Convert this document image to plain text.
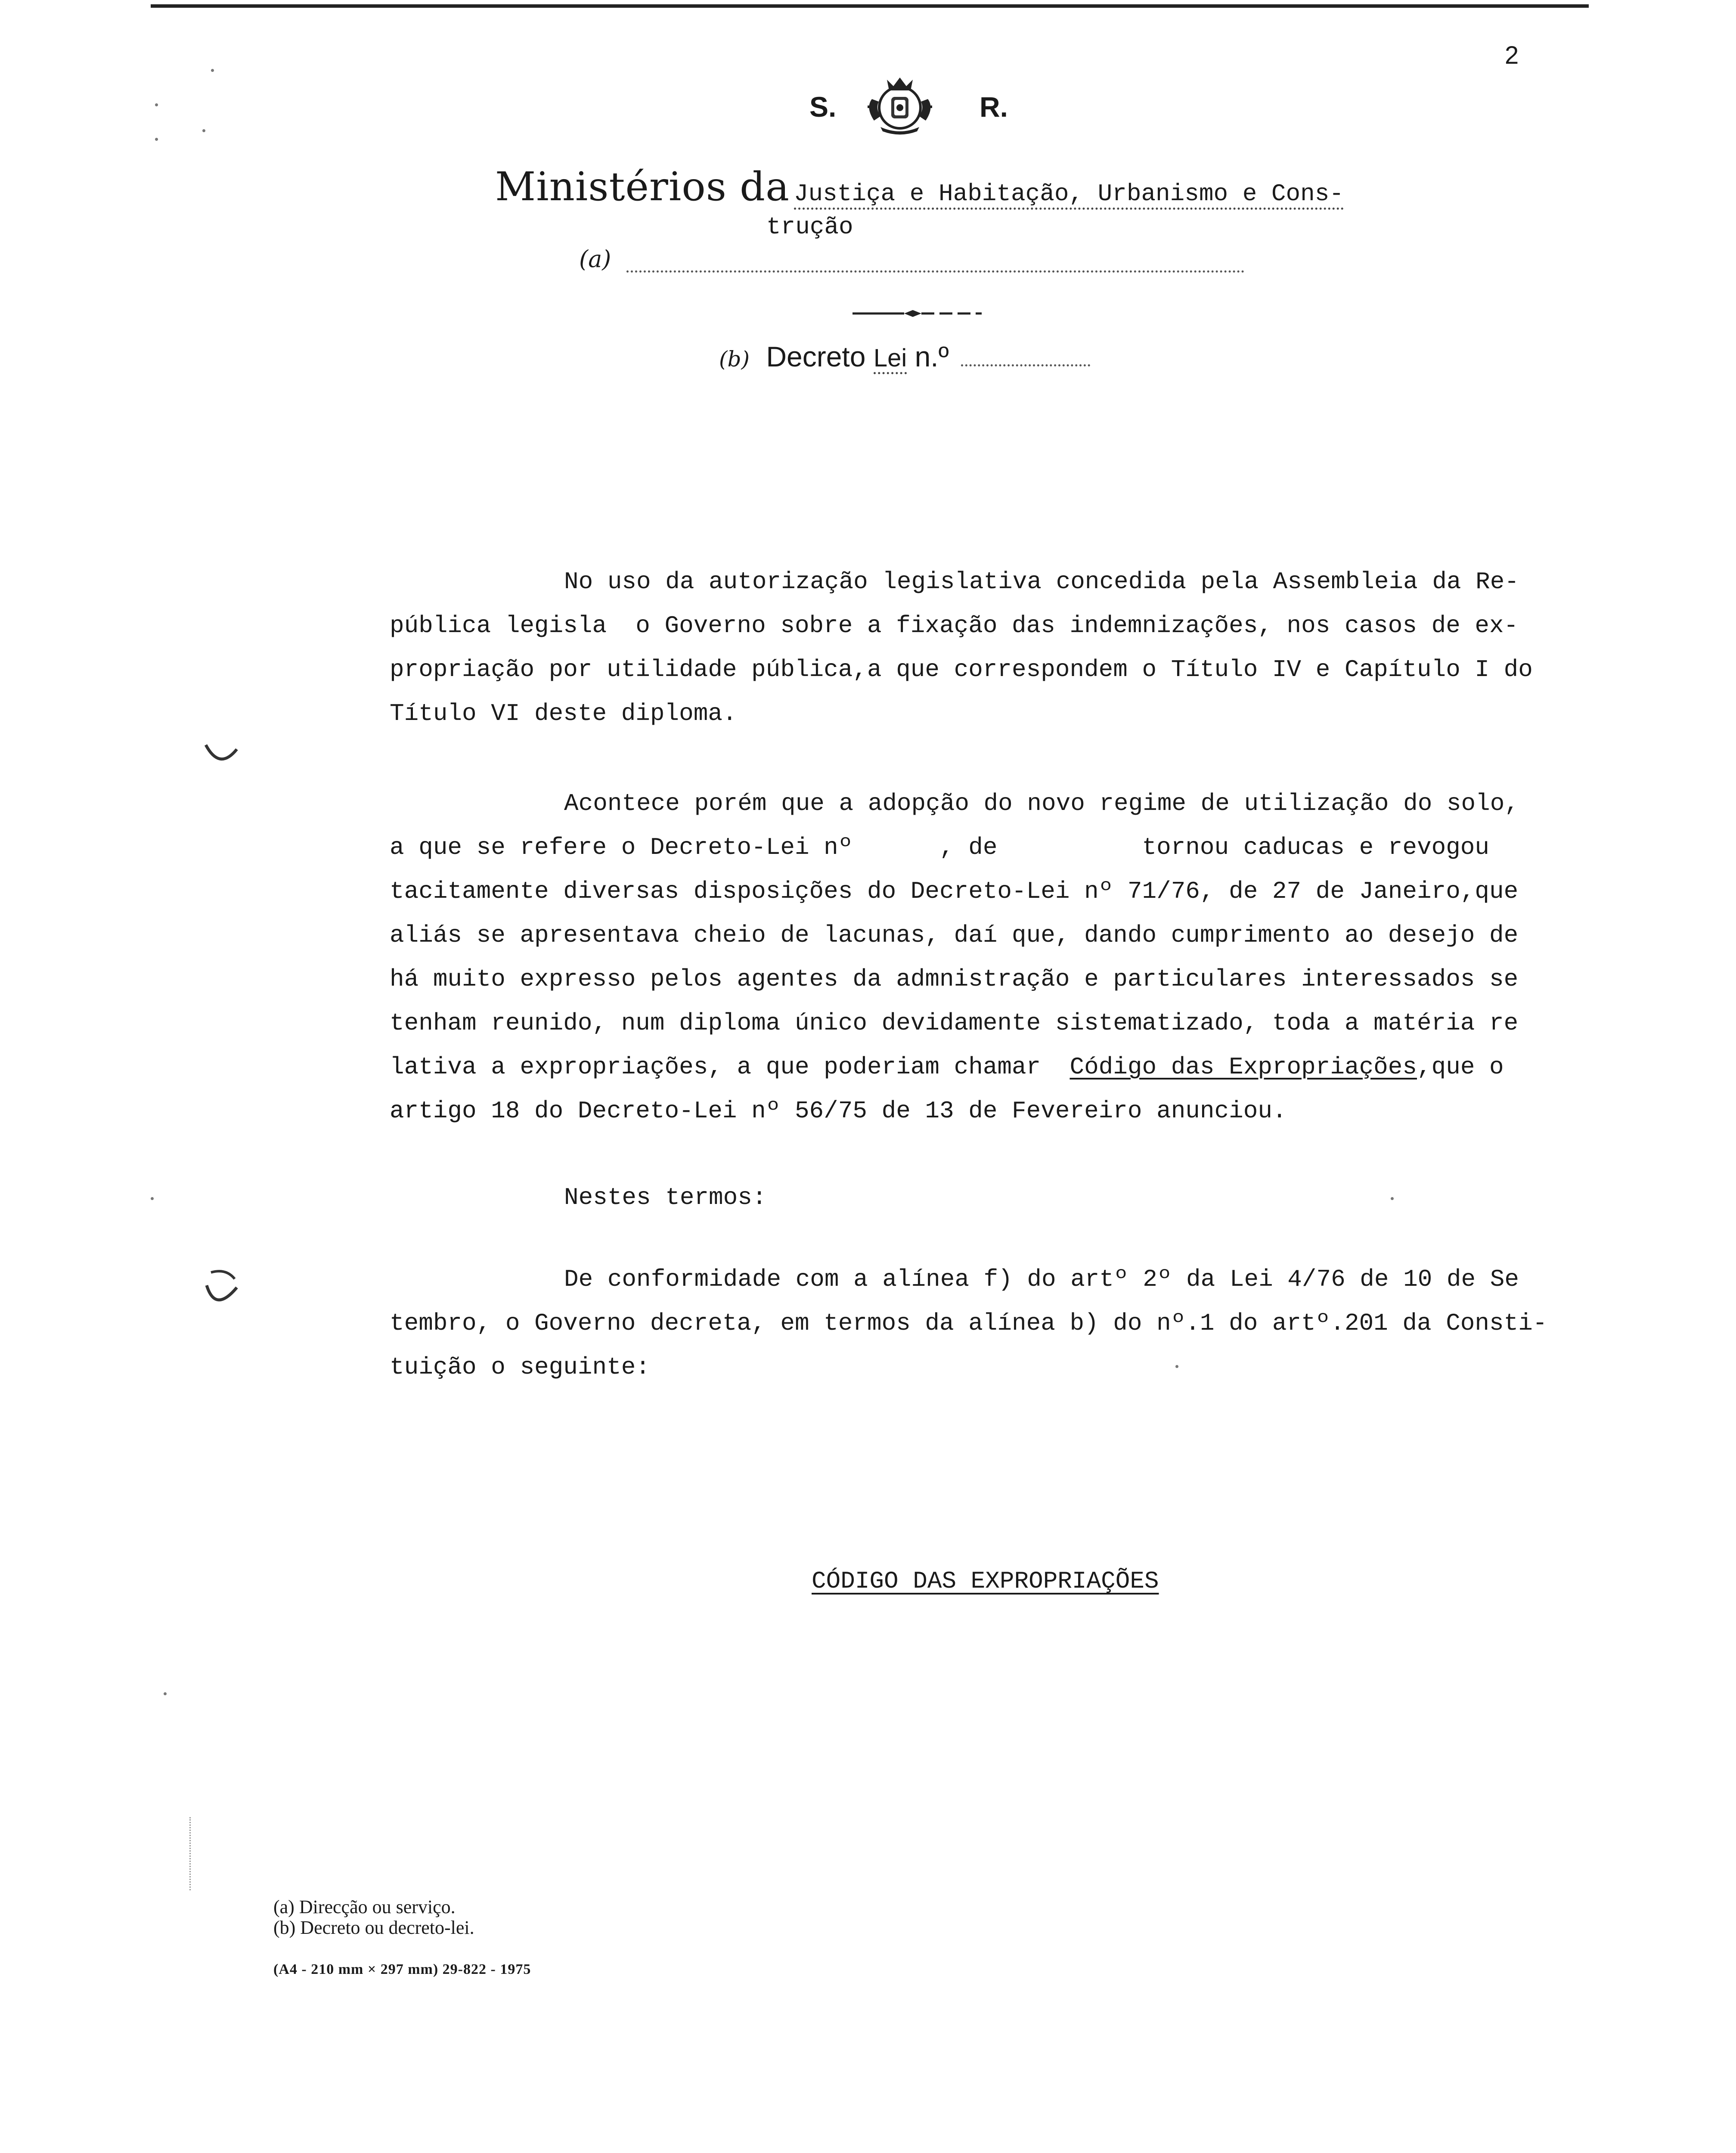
2
S.	R.
Ministérios da Justiça e Habitação, Urbanismo e Cons-
trução
(a)
(b) Decreto Lei n.º
No uso da autorização legislativa concedida pela Assembleia da Re-
pública legisla  o Governo sobre a fixação das indemnizações, nos casos de ex-
propriação por utilidade pública,a que correspondem o Título IV e Capítulo I do
Título VI deste diploma.
Acontece porém que a adopção do novo regime de utilização do solo,
a que se refere o Decreto-Lei nº      , de          tornou caducas e revogou
tacitamente diversas disposições do Decreto-Lei nº 71/76, de 27 de Janeiro,que
aliás se apresentava cheio de lacunas, daí que, dando cumprimento ao desejo de
há muito expresso pelos agentes da admnistração e particulares interessados se
tenham reunido, num diploma único devidamente sistematizado, toda a matéria re
lativa a expropriações, a que poderiam chamar  Código das Expropriações,que o
artigo 18 do Decreto-Lei nº 56/75 de 13 de Fevereiro anunciou.
Nestes termos:
De conformidade com a alínea f) do artº 2º da Lei 4/76 de 10 de Se
tembro, o Governo decreta, em termos da alínea b) do nº.1 do artº.201 da Consti-
tuição o seguinte:
CÓDIGO DAS EXPROPRIAÇÕES
(a) Direcção ou serviço.
(b) Decreto ou decreto-lei.
(A4 - 210 mm × 297 mm) 29-822 - 1975
